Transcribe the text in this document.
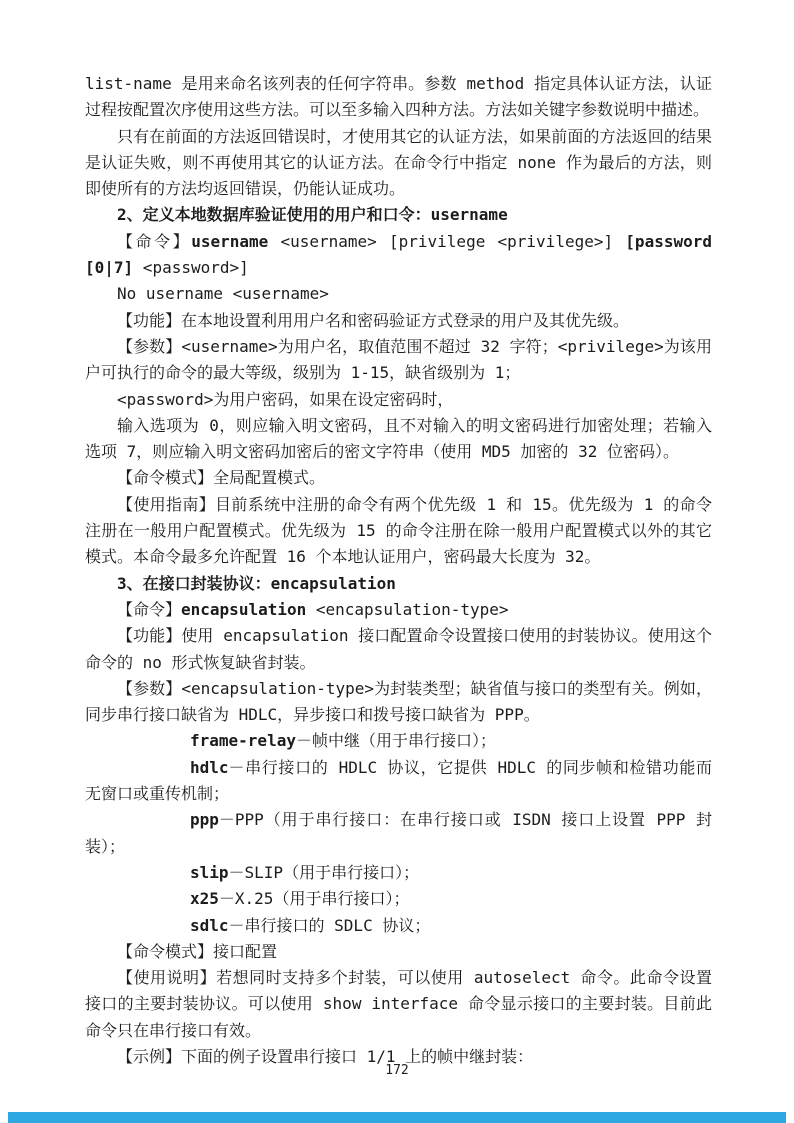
list-name 是用来命名该列表的任何字符串。参数 method 指定具体认证方法，认证过程按配置次序使用这些方法。可以至多输入四种方法。方法如关键字参数说明中描述。

只有在前面的方法返回错误时，才使用其它的认证方法，如果前面的方法返回的结果是认证失败，则不再使用其它的认证方法。在命令行中指定 none 作为最后的方法，则即使所有的方法均返回错误，仍能认证成功。

2、定义本地数据库验证使用的用户和口令：username

【命令】username <username> [privilege <privilege>] [password [0|7] <password>]

No username <username>

【功能】在本地设置利用用户名和密码验证方式登录的用户及其优先级。

【参数】<username>为用户名，取值范围不超过 32 字符；<privilege>为该用户可执行的命令的最大等级，级别为 1-15，缺省级别为 1；

<password>为用户密码，如果在设定密码时，

输入选项为 0，则应输入明文密码，且不对输入的明文密码进行加密处理；若输入选项 7，则应输入明文密码加密后的密文字符串（使用 MD5 加密的 32 位密码）。

【命令模式】全局配置模式。

【使用指南】目前系统中注册的命令有两个优先级 1 和 15。优先级为 1 的命令注册在一般用户配置模式。优先级为 15 的命令注册在除一般用户配置模式以外的其它模式。本命令最多允许配置 16 个本地认证用户，密码最大长度为 32。

3、在接口封装协议：encapsulation

【命令】encapsulation <encapsulation-type>

【功能】使用 encapsulation 接口配置命令设置接口使用的封装协议。使用这个命令的 no 形式恢复缺省封装。

【参数】<encapsulation-type>为封装类型；缺省值与接口的类型有关。例如，同步串行接口缺省为 HDLC，异步接口和拨号接口缺省为 PPP。

frame-relay－帧中继（用于串行接口）；

hdlc－串行接口的 HDLC 协议，它提供 HDLC 的同步帧和检错功能而无窗口或重传机制；

ppp－PPP（用于串行接口：在串行接口或 ISDN 接口上设置 PPP 封装）；

slip－SLIP（用于串行接口）；

x25－X.25（用于串行接口）；

sdlc－串行接口的 SDLC 协议；

【命令模式】接口配置

【使用说明】若想同时支持多个封装，可以使用 autoselect 命令。此命令设置接口的主要封装协议。可以使用 show interface 命令显示接口的主要封装。目前此命令只在串行接口有效。

【示例】下面的例子设置串行接口 1/1 上的帧中继封装：

172
